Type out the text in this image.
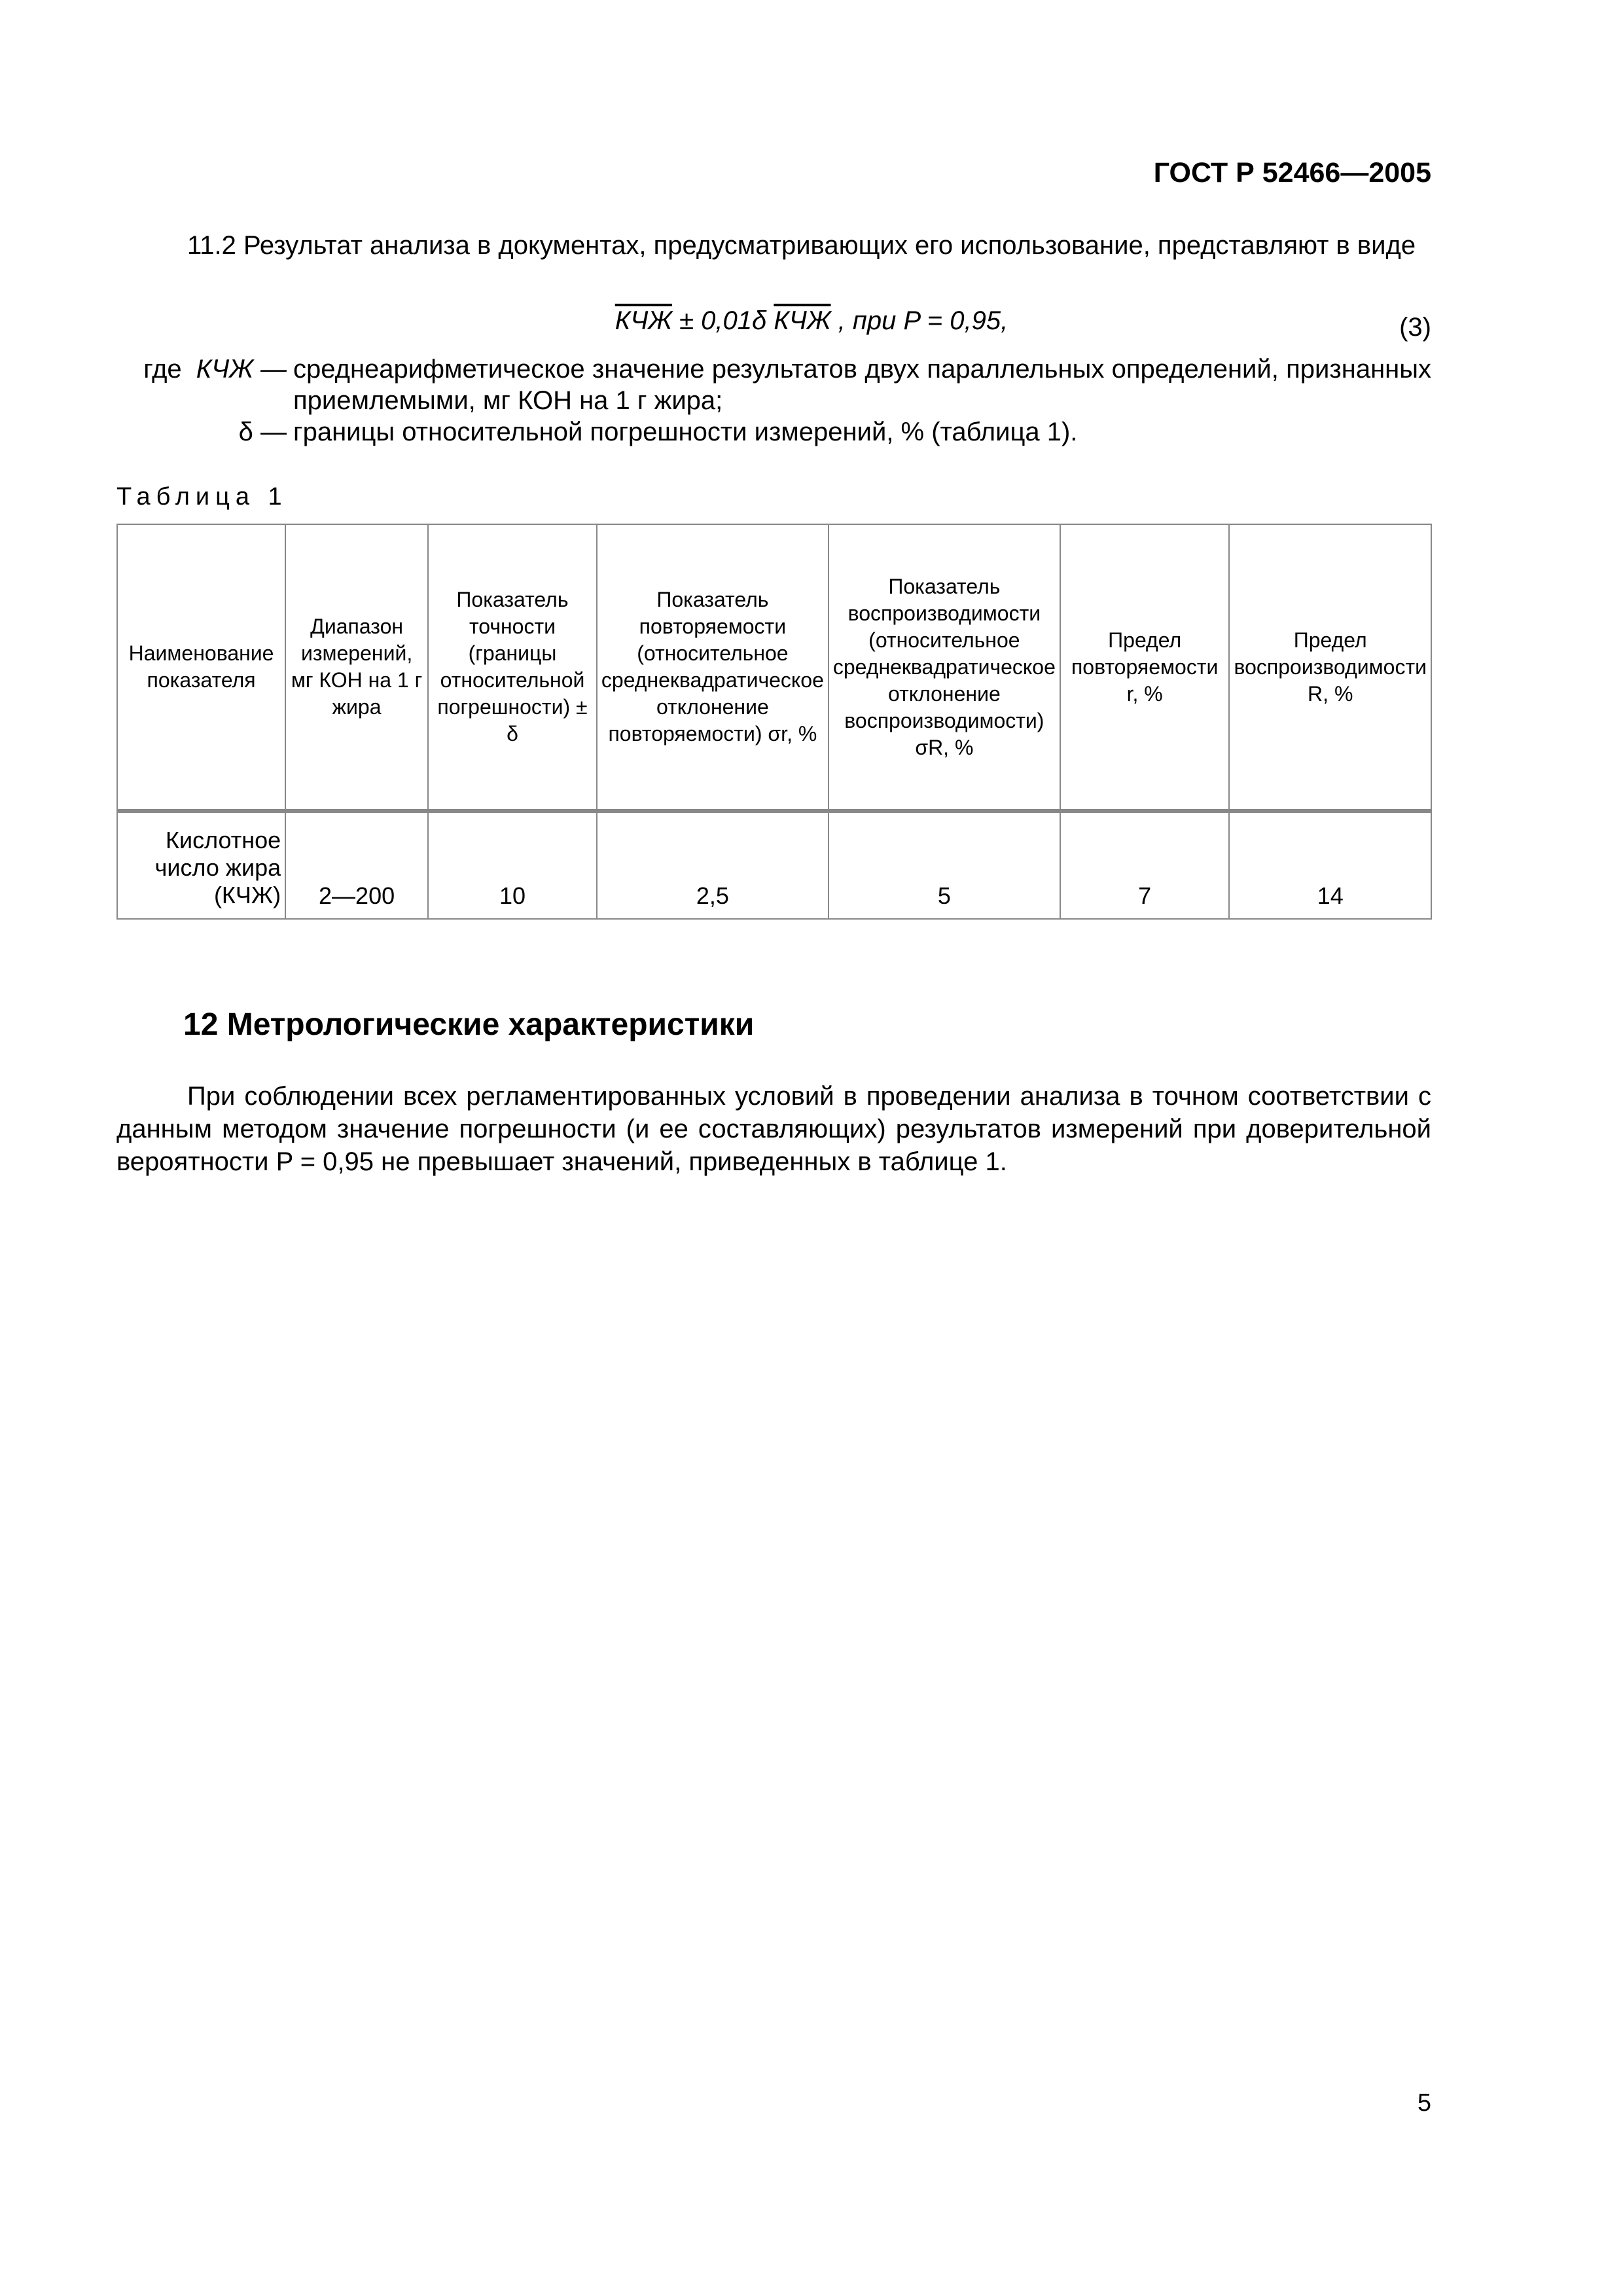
ГОСТ Р 52466—2005
11.2 Результат анализа в документах, предусматривающих его использование, представляют в виде
КЧЖ ± 0,01δ КЧЖ , при P = 0,95,	(3)
где КЧЖ — среднеарифметическое значение результатов двух параллельных определений, признанных приемлемыми, мг КОН на 1 г жира;
δ — границы относительной погрешности измерений, % (таблица 1).
Таблица 1
Наименование показателя	Диапазон измерений, мг КОН на 1 г жира	Показатель точности (границы относительной погрешности) ± δ	Показатель повторяемости (относительное среднеквадратическое отклонение повторяемости) σr, %	Показатель воспроизводимости (относительное среднеквадратическое отклонение воспроизводимости) σR, %	Предел повторяемости r, %	Предел воспроизводимости R, %
Кислотное число жира (КЧЖ)	2—200	10	2,5	5	7	14
12 Метрологические характеристики
При соблюдении всех регламентированных условий в проведении анализа в точном соответствии с данным методом значение погрешности (и ее составляющих) результатов измерений при доверительной вероятности P = 0,95 не превышает значений, приведенных в таблице 1.
5
